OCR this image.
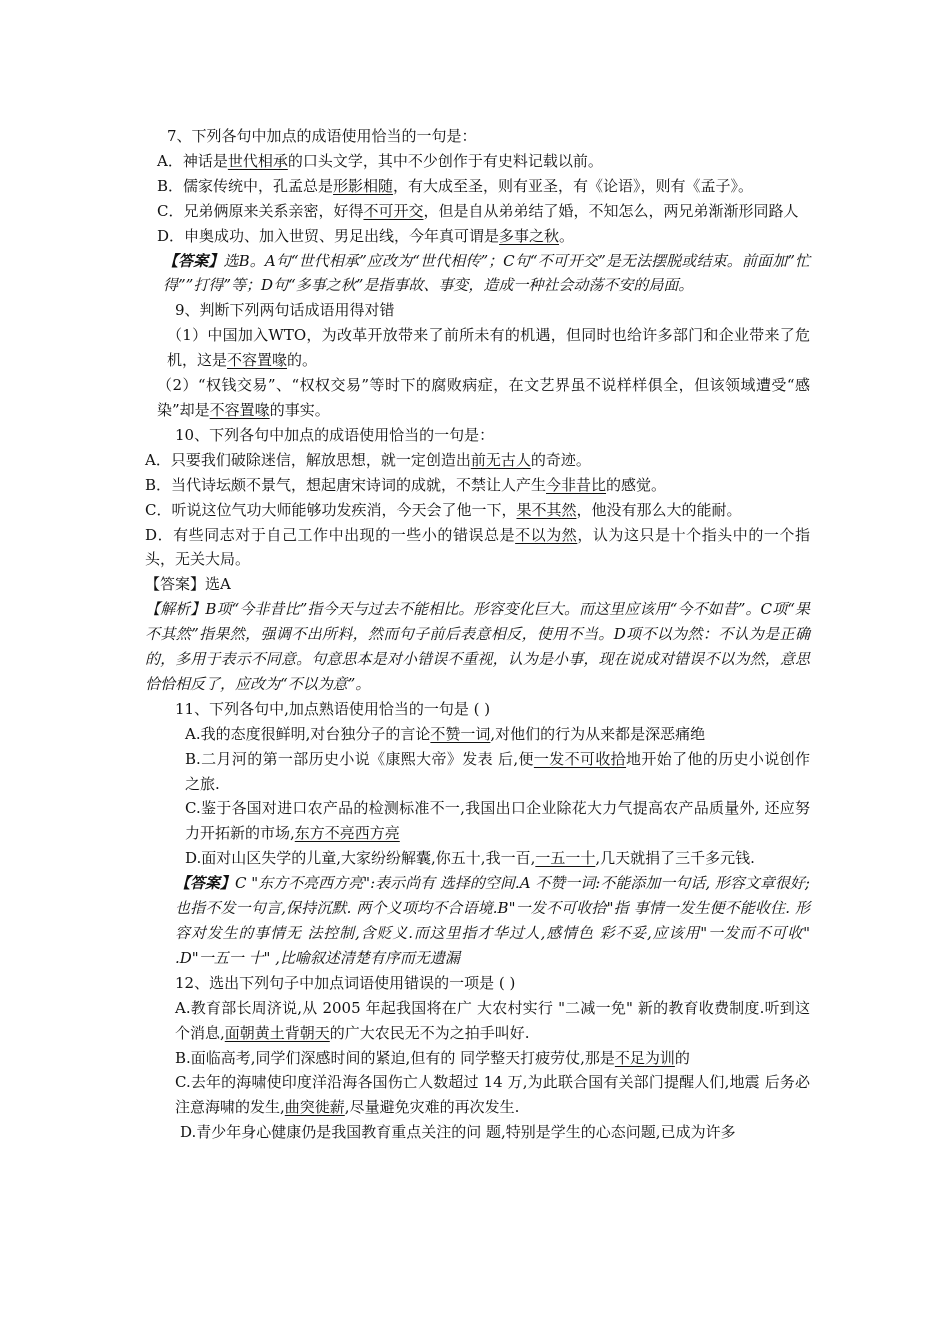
7、下列各句中加点的成语使用恰当的一句是：

A．神话是世代相承的口头文学，其中不少创作于有史料记载以前。

B．儒家传统中，孔孟总是形影相随，有大成至圣，则有亚圣，有《论语》，则有《孟子》。

C．兄弟俩原来关系亲密，好得不可开交，但是自从弟弟结了婚，不知怎么，两兄弟渐渐形同路人

D．申奥成功、加入世贸、男足出线，今年真可谓是多事之秋。

【答案】选B。A句“世代相承”应改为“世代相传”；C句“不可开交”是无法摆脱或结束。前面加”忙得””打得”等；D句“多事之秋”是指事故、事变，造成一种社会动荡不安的局面。

9、判断下列两句话成语用得对错

（1）中国加入WTO，为改革开放带来了前所未有的机遇，但同时也给许多部门和企业带来了危机，这是不容置喙的。

（2）“权钱交易”、“权权交易”等时下的腐败病症，在文艺界虽不说样样俱全，但该领域遭受“感染”却是不容置喙的事实。

10、下列各句中加点的成语使用恰当的一句是：

A．只要我们破除迷信，解放思想，就一定创造出前无古人的奇迹。

B．当代诗坛颇不景气，想起唐宋诗词的成就，不禁让人产生今非昔比的感觉。

C．听说这位气功大师能够功发疾消，今天会了他一下，果不其然，他没有那么大的能耐。

D．有些同志对于自己工作中出现的一些小的错误总是不以为然，认为这只是十个指头中的一个指头，无关大局。

【答案】选A

【解析】B项“今非昔比”指今天与过去不能相比。形容变化巨大。而这里应该用“今不如昔”。C项“果不其然”指果然，强调不出所料，然而句子前后表意相反，使用不当。D项不以为然：不认为是正确的，多用于表示不同意。句意思本是对小错误不重视，认为是小事，现在说成对错误不以为然，意思恰恰相反了，应改为“不以为意”。

11、下列各句中,加点熟语使用恰当的一句是 ( )

A.我的态度很鲜明,对台独分子的言论不赞一词,对他们的行为从来都是深恶痛绝

B.二月河的第一部历史小说《康熙大帝》发表 后,便一发不可收拾地开始了他的历史小说创作之旅.

C.鉴于各国对进口农产品的检测标准不一,我国出口企业除花大力气提高农产品质量外, 还应努力开拓新的市场,东方不亮西方亮

D.面对山区失学的儿童,大家纷纷解囊,你五十,我一百,一五一十,几天就捐了三千多元钱.

【答案】C "东方不亮西方亮":表示尚有 选择的空间.A 不赞一词:不能添加一句话, 形容文章很好;也指不发一句言,保持沉默. 两个义项均不合语境.B"一发不可收拾"指 事情一发生便不能收住. 形容对发生的事情无 法控制,含贬义.而这里指才华过人,感情色 彩不妥,应该用"一发而不可收" .D"一五一 十" ,比喻叙述清楚有序而无遗漏

12、选出下列句子中加点词语使用错误的一项是 ( )

A.教育部长周济说,从 2005 年起我国将在广 大农村实行 "二减一免" 新的教育收费制度.听到这个消息,面朝黄土背朝天的广大农民无不为之拍手叫好.

B.面临高考,同学们深感时间的紧迫,但有的 同学整天打疲劳仗,那是不足为训的

C.去年的海啸使印度洋沿海各国伤亡人数超过 14 万,为此联合国有关部门提醒人们,地震 后务必注意海啸的发生,曲突徙薪,尽量避免灾难的再次发生.

D.青少年身心健康仍是我国教育重点关注的问 题,特别是学生的心态问题,已成为许多
